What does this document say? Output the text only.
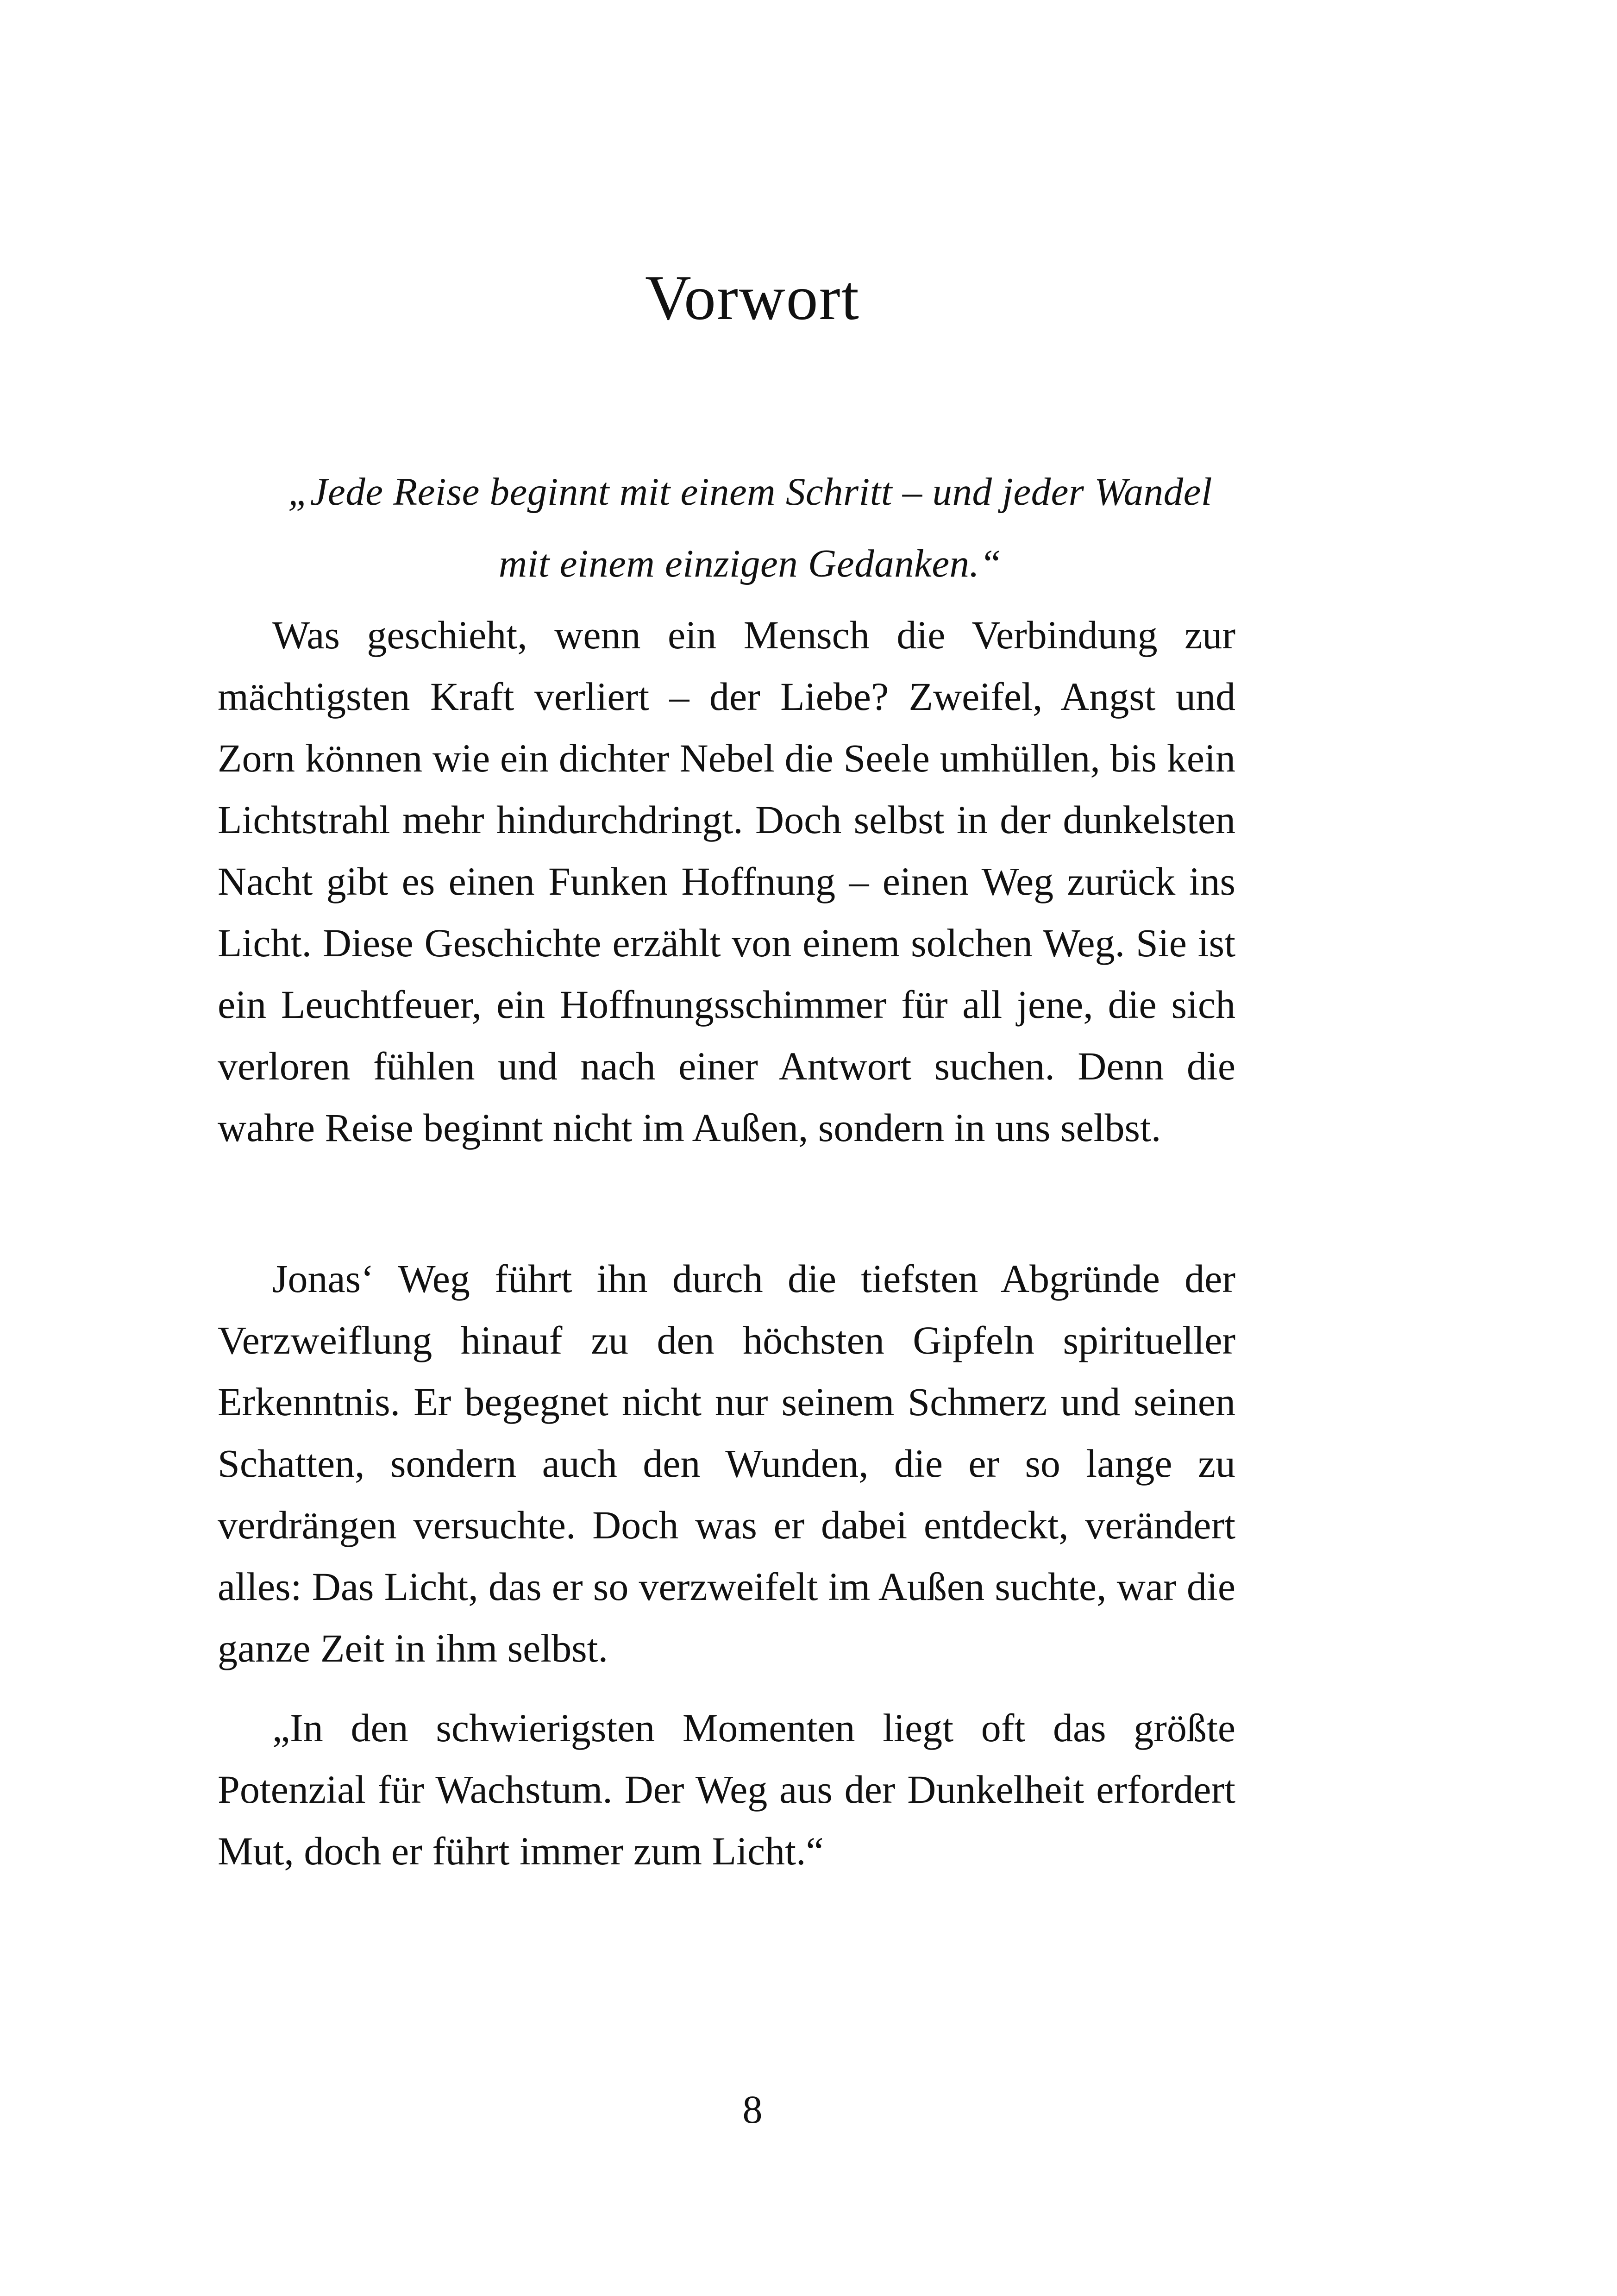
Vorwort

„Jede Reise beginnt mit einem Schritt – und jeder Wandel mit einem einzigen Gedanken.“

Was geschieht, wenn ein Mensch die Verbindung zur mächtigsten Kraft verliert – der Liebe? Zweifel, Angst und Zorn können wie ein dichter Nebel die Seele umhüllen, bis kein Lichtstrahl mehr hindurchdringt. Doch selbst in der dunkelsten Nacht gibt es einen Funken Hoffnung – einen Weg zurück ins Licht. Diese Geschichte erzählt von einem solchen Weg. Sie ist ein Leuchtfeuer, ein Hoffnungsschimmer für all jene, die sich verloren fühlen und nach einer Antwort suchen. Denn die wahre Reise beginnt nicht im Außen, sondern in uns selbst.

Jonas‘ Weg führt ihn durch die tiefsten Abgründe der Verzweiflung hinauf zu den höchsten Gipfeln spiritueller Erkenntnis. Er begegnet nicht nur seinem Schmerz und seinen Schatten, sondern auch den Wunden, die er so lange zu verdrängen versuchte. Doch was er dabei entdeckt, verändert alles: Das Licht, das er so verzweifelt im Außen suchte, war die ganze Zeit in ihm selbst.

„In den schwierigsten Momenten liegt oft das größte Potenzial für Wachstum. Der Weg aus der Dunkelheit erfordert Mut, doch er führt immer zum Licht.“

8
